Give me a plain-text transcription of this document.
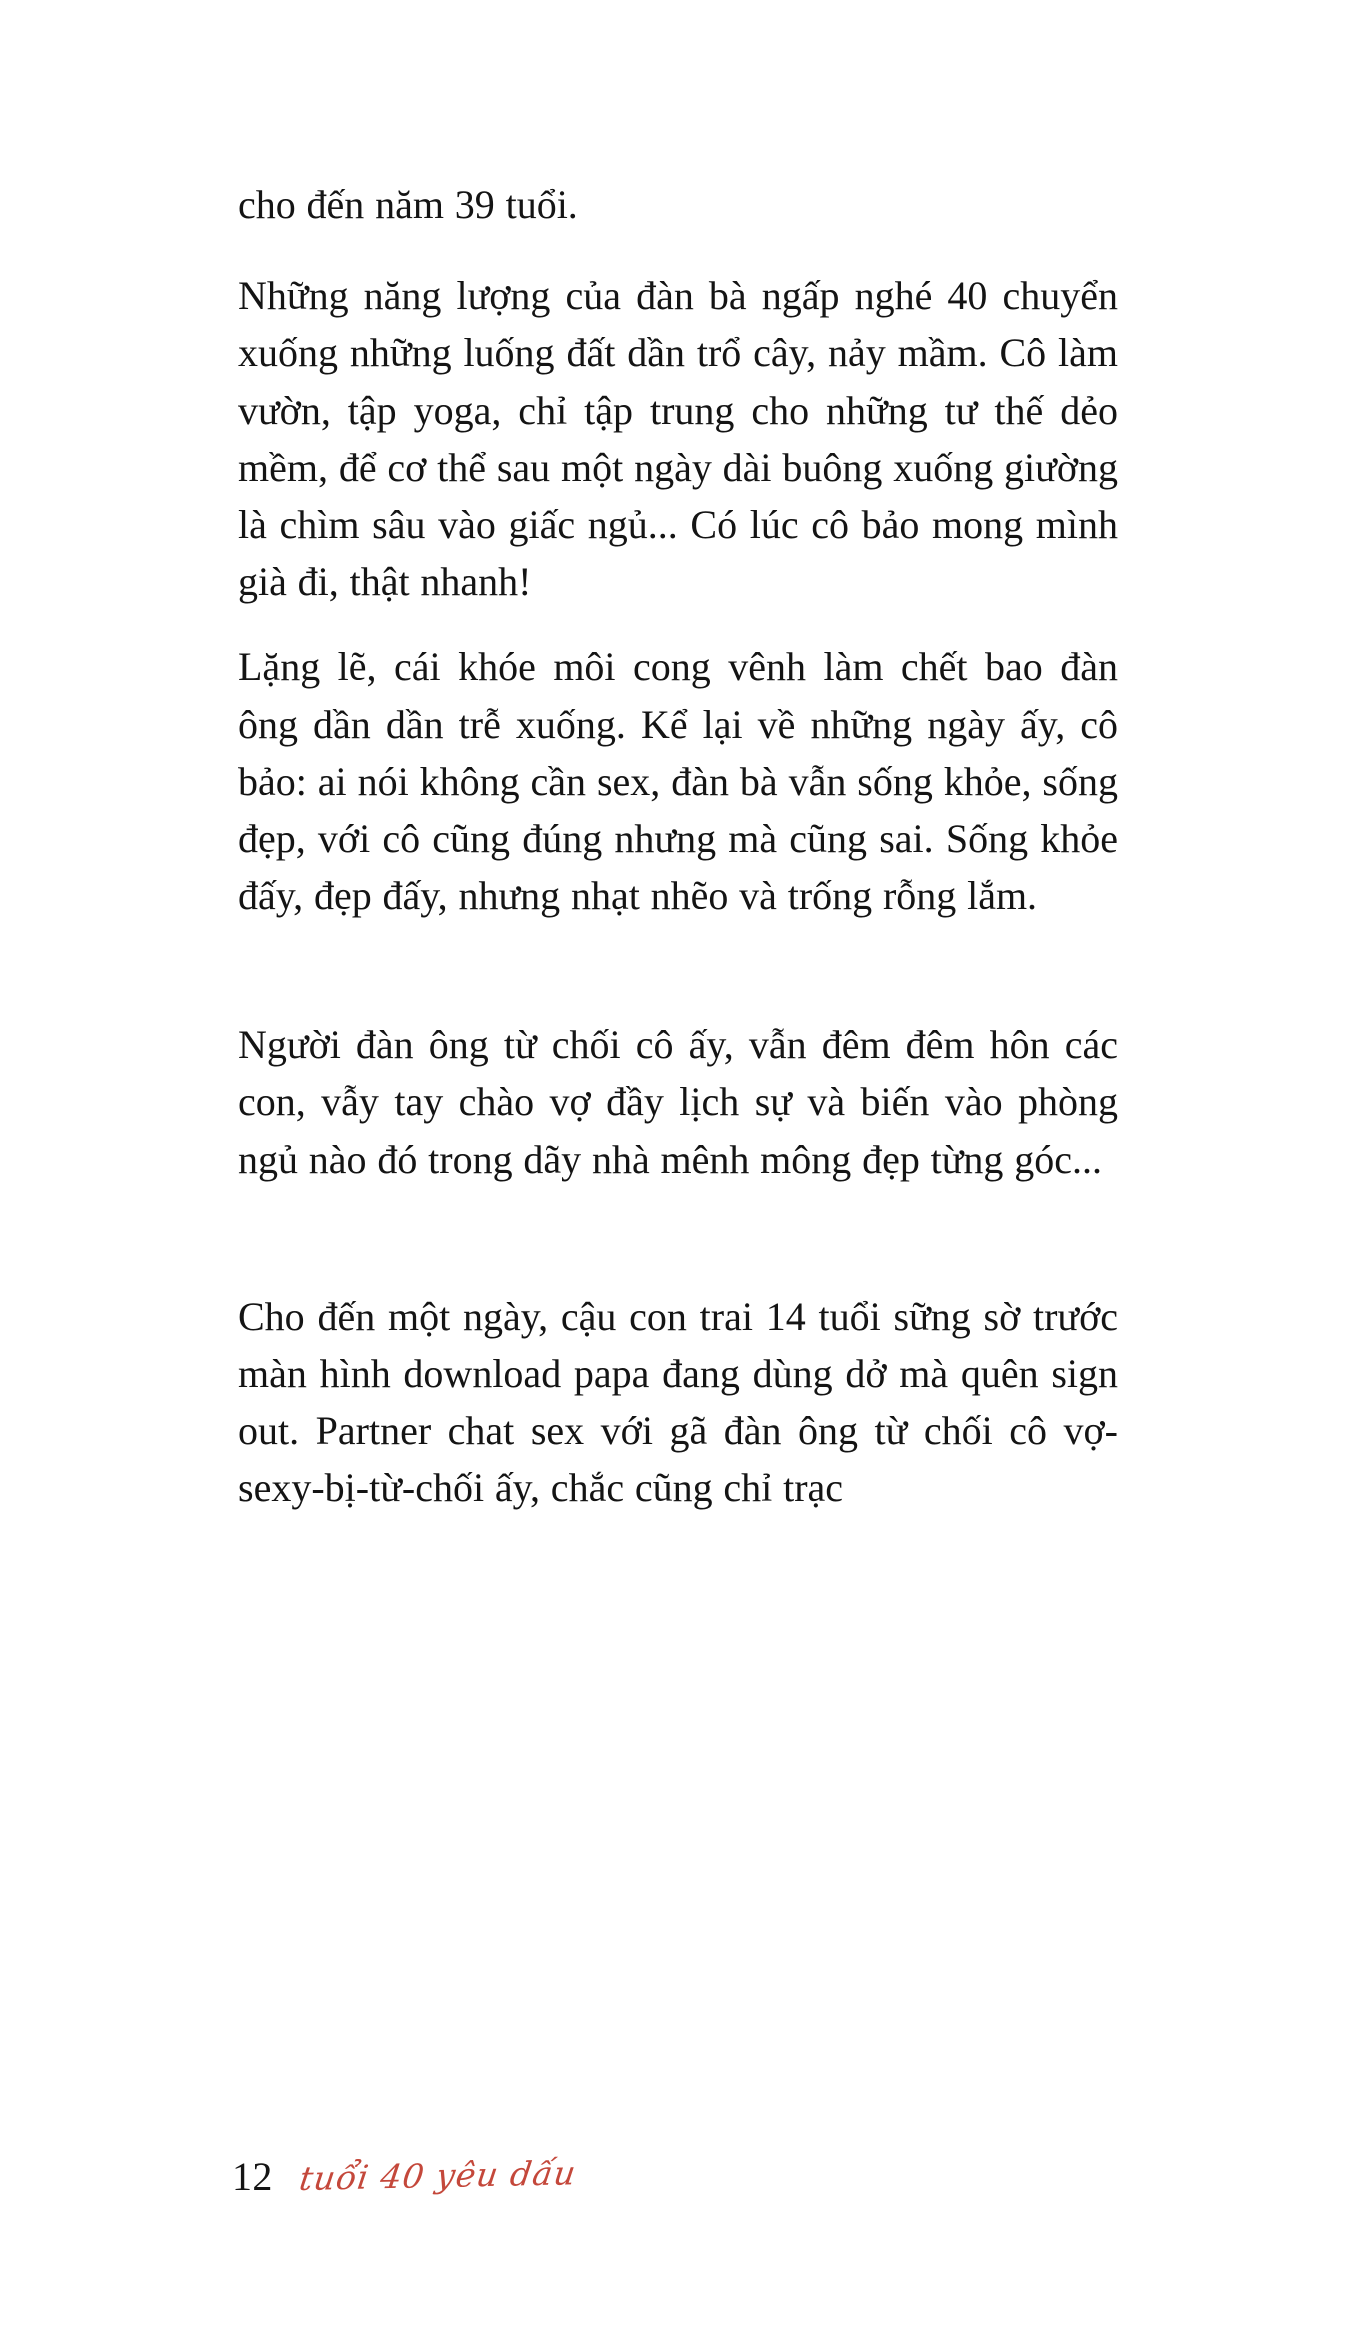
cho đến năm 39 tuổi.

Những năng lượng của đàn bà ngấp nghé 40 chuyển xuống những luống đất dần trổ cây, nảy mầm. Cô làm vườn, tập yoga, chỉ tập trung cho những tư thế dẻo mềm, để cơ thể sau một ngày dài buông xuống giường là chìm sâu vào giấc ngủ... Có lúc cô bảo mong mình già đi, thật nhanh!

Lặng lẽ, cái khóe môi cong vênh làm chết bao đàn ông dần dần trễ xuống. Kể lại về những ngày ấy, cô bảo: ai nói không cần sex, đàn bà vẫn sống khỏe, sống đẹp, với cô cũng đúng nhưng mà cũng sai. Sống khỏe đấy, đẹp đấy, nhưng nhạt nhẽo và trống rỗng lắm.

Người đàn ông từ chối cô ấy, vẫn đêm đêm hôn các con, vẫy tay chào vợ đầy lịch sự và biến vào phòng ngủ nào đó trong dãy nhà mênh mông đẹp từng góc...

Cho đến một ngày, cậu con trai 14 tuổi sững sờ trước màn hình download papa đang dùng dở mà quên sign out. Partner chat sex với gã đàn ông từ chối cô vợ-sexy-bị-từ-chối ấy, chắc cũng chỉ trạc

12 tuổi 40 yêu dấu
